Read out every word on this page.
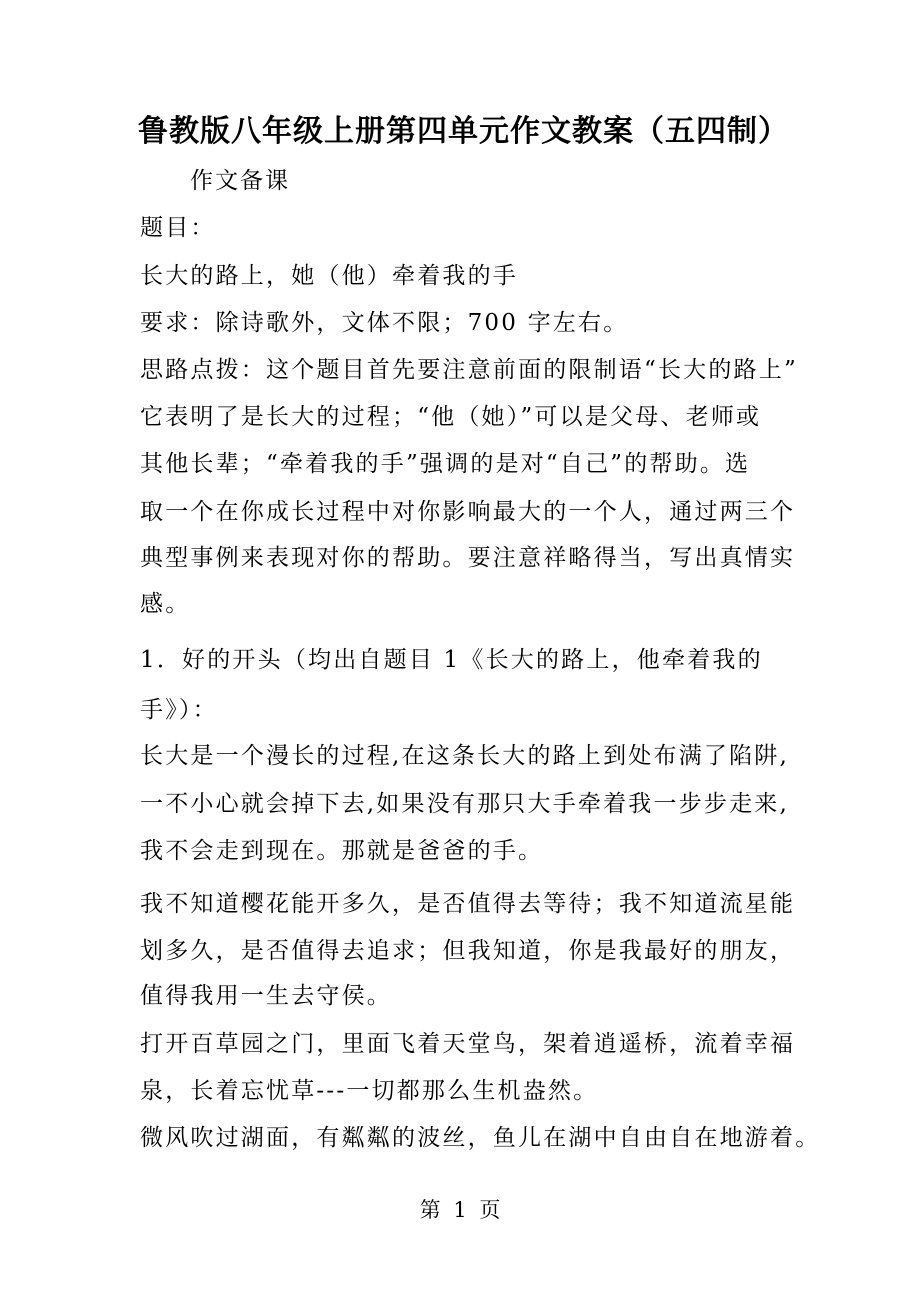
鲁教版八年级上册第四单元作文教案（五四制）
作文备课
题目：
长大的路上，她（他）牵着我的手
要求：除诗歌外，文体不限；700 字左右。
思路点拨：这个题目首先要注意前面的限制语“长大的路上”
它表明了是长大的过程；“他（她）”可以是父母、老师或
其他长辈；“牵着我的手”强调的是对“自己”的帮助。选
取一个在你成长过程中对你影响最大的一个人，通过两三个
典型事例来表现对你的帮助。要注意祥略得当，写出真情实
感。
1．好的开头（均出自题目 1《长大的路上，他牵着我的
手》）：
长大是一个漫长的过程,在这条长大的路上到处布满了陷阱,
一不小心就会掉下去,如果没有那只大手牵着我一步步走来,
我不会走到现在。那就是爸爸的手。
我不知道樱花能开多久，是否值得去等待；我不知道流星能
划多久，是否值得去追求；但我知道，你是我最好的朋友，
值得我用一生去守侯。
打开百草园之门，里面飞着天堂鸟，架着逍遥桥，流着幸福
泉，长着忘忧草---一切都那么生机盎然。
微风吹过湖面，有粼粼的波丝，鱼儿在湖中自由自在地游着。
第 1 页
